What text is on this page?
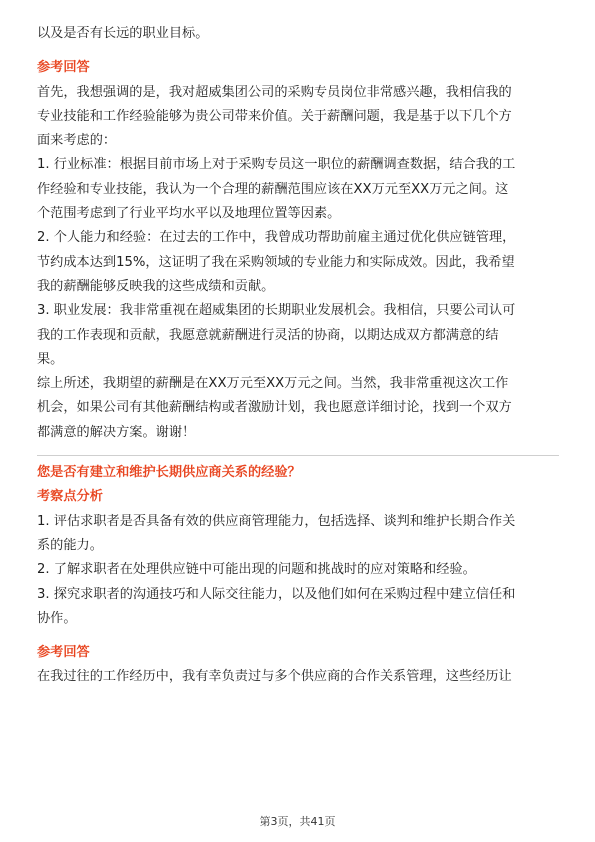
以及是否有长远的职业目标。

参考回答

首先，我想强调的是，我对超威集团公司的采购专员岗位非常感兴趣，我相信我的

专业技能和工作经验能够为贵公司带来价值。关于薪酬问题，我是基于以下几个方

面来考虑的：

1. 行业标准：根据目前市场上对于采购专员这一职位的薪酬调查数据，结合我的工

作经验和专业技能，我认为一个合理的薪酬范围应该在XX万元至XX万元之间。这

个范围考虑到了行业平均水平以及地理位置等因素。

2. 个人能力和经验：在过去的工作中，我曾成功帮助前雇主通过优化供应链管理，

节约成本达到15%，这证明了我在采购领域的专业能力和实际成效。因此，我希望

我的薪酬能够反映我的这些成绩和贡献。

3. 职业发展：我非常重视在超威集团的长期职业发展机会。我相信，只要公司认可

我的工作表现和贡献，我愿意就薪酬进行灵活的协商，以期达成双方都满意的结

果。

综上所述，我期望的薪酬是在XX万元至XX万元之间。当然，我非常重视这次工作

机会，如果公司有其他薪酬结构或者激励计划，我也愿意详细讨论，找到一个双方

都满意的解决方案。谢谢！

您是否有建立和维护长期供应商关系的经验？

考察点分析

1. 评估求职者是否具备有效的供应商管理能力，包括选择、谈判和维护长期合作关

系的能力。

2. 了解求职者在处理供应链中可能出现的问题和挑战时的应对策略和经验。

3. 探究求职者的沟通技巧和人际交往能力，以及他们如何在采购过程中建立信任和

协作。

参考回答

在我过往的工作经历中，我有幸负责过与多个供应商的合作关系管理，这些经历让

第3页，共41页
